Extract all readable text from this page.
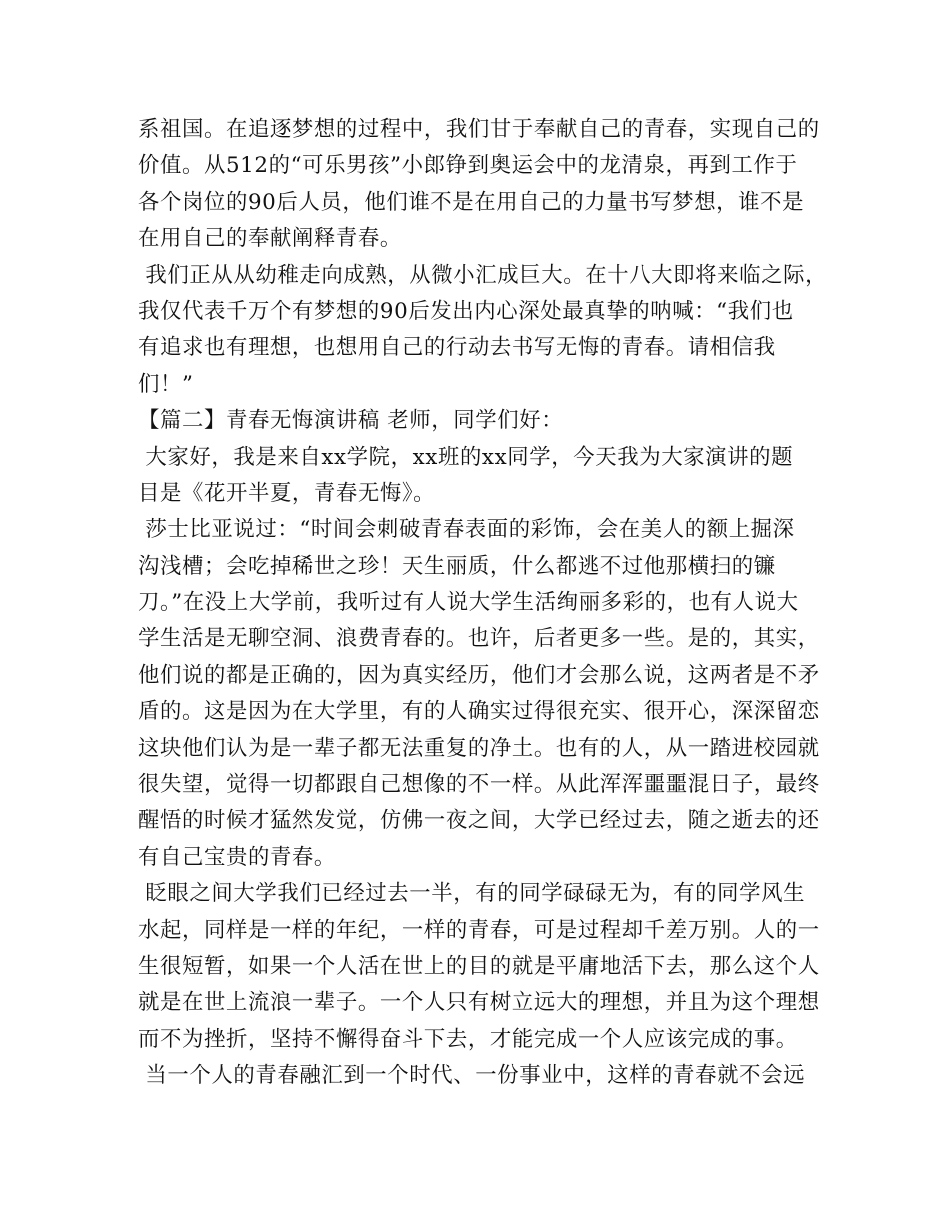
系祖国。在追逐梦想的过程中，我们甘于奉献自己的青春，实现自己的
价值。从512的“可乐男孩”小郎铮到奥运会中的龙清泉，再到工作于
各个岗位的90后人员，他们谁不是在用自己的力量书写梦想，谁不是
在用自己的奉献阐释青春。
我们正从从幼稚走向成熟，从微小汇成巨大。在十八大即将来临之际，
我仅代表千万个有梦想的90后发出内心深处最真挚的呐喊：“我们也
有追求也有理想，也想用自己的行动去书写无悔的青春。请相信我
们！”
【篇二】青春无悔演讲稿 老师，同学们好：
大家好，我是来自xx学院，xx班的xx同学，今天我为大家演讲的题
目是《花开半夏，青春无悔》。
莎士比亚说过：“时间会刺破青春表面的彩饰，会在美人的额上掘深
沟浅槽；会吃掉稀世之珍！天生丽质，什么都逃不过他那横扫的镰
刀。”在没上大学前，我听过有人说大学生活绚丽多彩的，也有人说大
学生活是无聊空洞、浪费青春的。也许，后者更多一些。是的，其实，
他们说的都是正确的，因为真实经历，他们才会那么说，这两者是不矛
盾的。这是因为在大学里，有的人确实过得很充实、很开心，深深留恋
这块他们认为是一辈子都无法重复的净土。也有的人，从一踏进校园就
很失望，觉得一切都跟自己想像的不一样。从此浑浑噩噩混日子，最终
醒悟的时候才猛然发觉，仿佛一夜之间，大学已经过去，随之逝去的还
有自己宝贵的青春。
眨眼之间大学我们已经过去一半，有的同学碌碌无为，有的同学风生
水起，同样是一样的年纪，一样的青春，可是过程却千差万别。人的一
生很短暂，如果一个人活在世上的目的就是平庸地活下去，那么这个人
就是在世上流浪一辈子。一个人只有树立远大的理想，并且为这个理想
而不为挫折，坚持不懈得奋斗下去，才能完成一个人应该完成的事。
当一个人的青春融汇到一个时代、一份事业中，这样的青春就不会远
